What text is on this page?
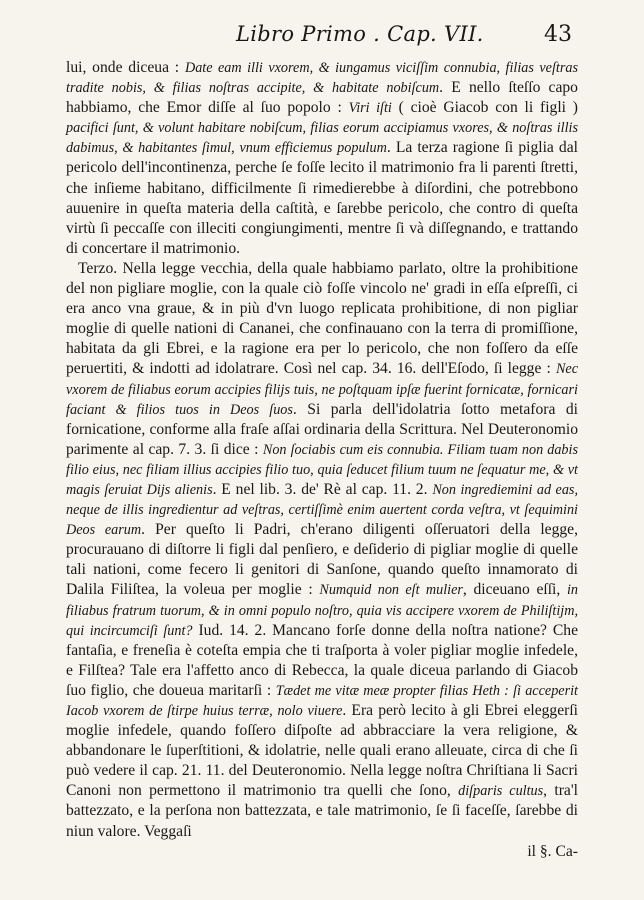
Libro Primo . Cap. VII.	43

lui, onde diceua : Date eam illi vxorem, & iungamus viciſſim connubia, filias veſtras tradite nobis, & filias noſtras accipite, & habitate nobiſcum. E nello ſteſſo capo habbiamo, che Emor diſſe al ſuo popolo : Viri iſti ( cioè Giacob con li figli ) pacifici ſunt, & volunt habitare nobiſcum, filias eorum accipiamus vxores, & noſtras illis dabimus, & habitantes ſimul, vnum efficiemus populum. La terza ragione ſi piglia dal pericolo dell'incontinenza, perche ſe foſſe lecito il matrimonio fra li parenti ſtretti, che inſieme habitano, difficilmente ſi rimedierebbe à diſordini, che potrebbono auuenire in queſta materia della caſtità, e ſarebbe pericolo, che contro di queſta virtù ſi peccaſſe con illeciti congiungimenti, mentre ſi và diſſegnando, e trattando di concertare il matrimonio.

Terzo. Nella legge vecchia, della quale habbiamo parlato, oltre la prohibitione del non pigliare moglie, con la quale ciò foſſe vincolo ne' gradi in eſſa eſpreſſi, ci era anco vna graue, & in più d'vn luogo replicata prohibitione, di non pigliar moglie di quelle nationi di Cananei, che confinauano con la terra di promiſſione, habitata da gli Ebrei, e la ragione era per lo pericolo, che non foſſero da eſſe peruertiti, & indotti ad idolatrare. Così nel cap. 34. 16. dell'Eſodo, ſi legge : Nec vxorem de filiabus eorum accipies filijs tuis, ne poſtquam ipſæ fuerint fornicatæ, fornicari faciant & filios tuos in Deos ſuos. Si parla dell'idolatria ſotto metafora di fornicatione, conforme alla fraſe aſſai ordinaria della Scrittura. Nel Deuteronomio parimente al cap. 7. 3. ſi dice : Non ſociabis cum eis connubia. Filiam tuam non dabis filio eius, nec filiam illius accipies filio tuo, quia ſeducet filium tuum ne ſequatur me, & vt magis ſeruiat Dijs alienis. E nel lib. 3. de' Rè al cap. 11. 2. Non ingrediemini ad eas, neque de illis ingredientur ad veſtras, certiſſimè enim auertent corda veſtra, vt ſequimini Deos earum. Per queſto li Padri, ch'erano diligenti oſſeruatori della legge, procurauano di diſtorre li figli dal penſiero, e deſiderio di pigliar moglie di quelle tali nationi, come fecero li genitori di Sanſone, quando queſto innamorato di Dalila Filiſtea, la voleua per moglie : Numquid non eſt mulier, diceuano eſſi, in filiabus fratrum tuorum, & in omni populo noſtro, quia vis accipere vxorem de Philiſtijm, qui incircumciſi ſunt? Iud. 14. 2. Mancano forſe donne della noſtra natione? Che fantaſia, e freneſia è coteſta empia che ti traſporta à voler pigliar moglie infedele, e Filſtea? Tale era l'affetto anco di Rebecca, la quale diceua parlando di Giacob ſuo figlio, che doueua maritarſi : Tædet me vitæ meæ propter filias Heth : ſi acceperit Iacob vxorem de ſtirpe huius terræ, nolo viuere. Era però lecito à gli Ebrei eleggerſi moglie infedele, quando foſſero diſpoſte ad abbracciare la vera religione, & abbandonare le ſuperſtitioni, & idolatrie, nelle quali erano alleuate, circa di che ſi può vedere il cap. 21. 11. del Deuteronomio. Nella legge noſtra Chriſtiana li Sacri Canoni non permettono il matrimonio tra quelli che ſono, diſparis cultus, tra'l battezzato, e la perſona non battezzata, e tale matrimonio, ſe ſi faceſſe, ſarebbe di niun valore. Veggaſi

il §. Ca-
